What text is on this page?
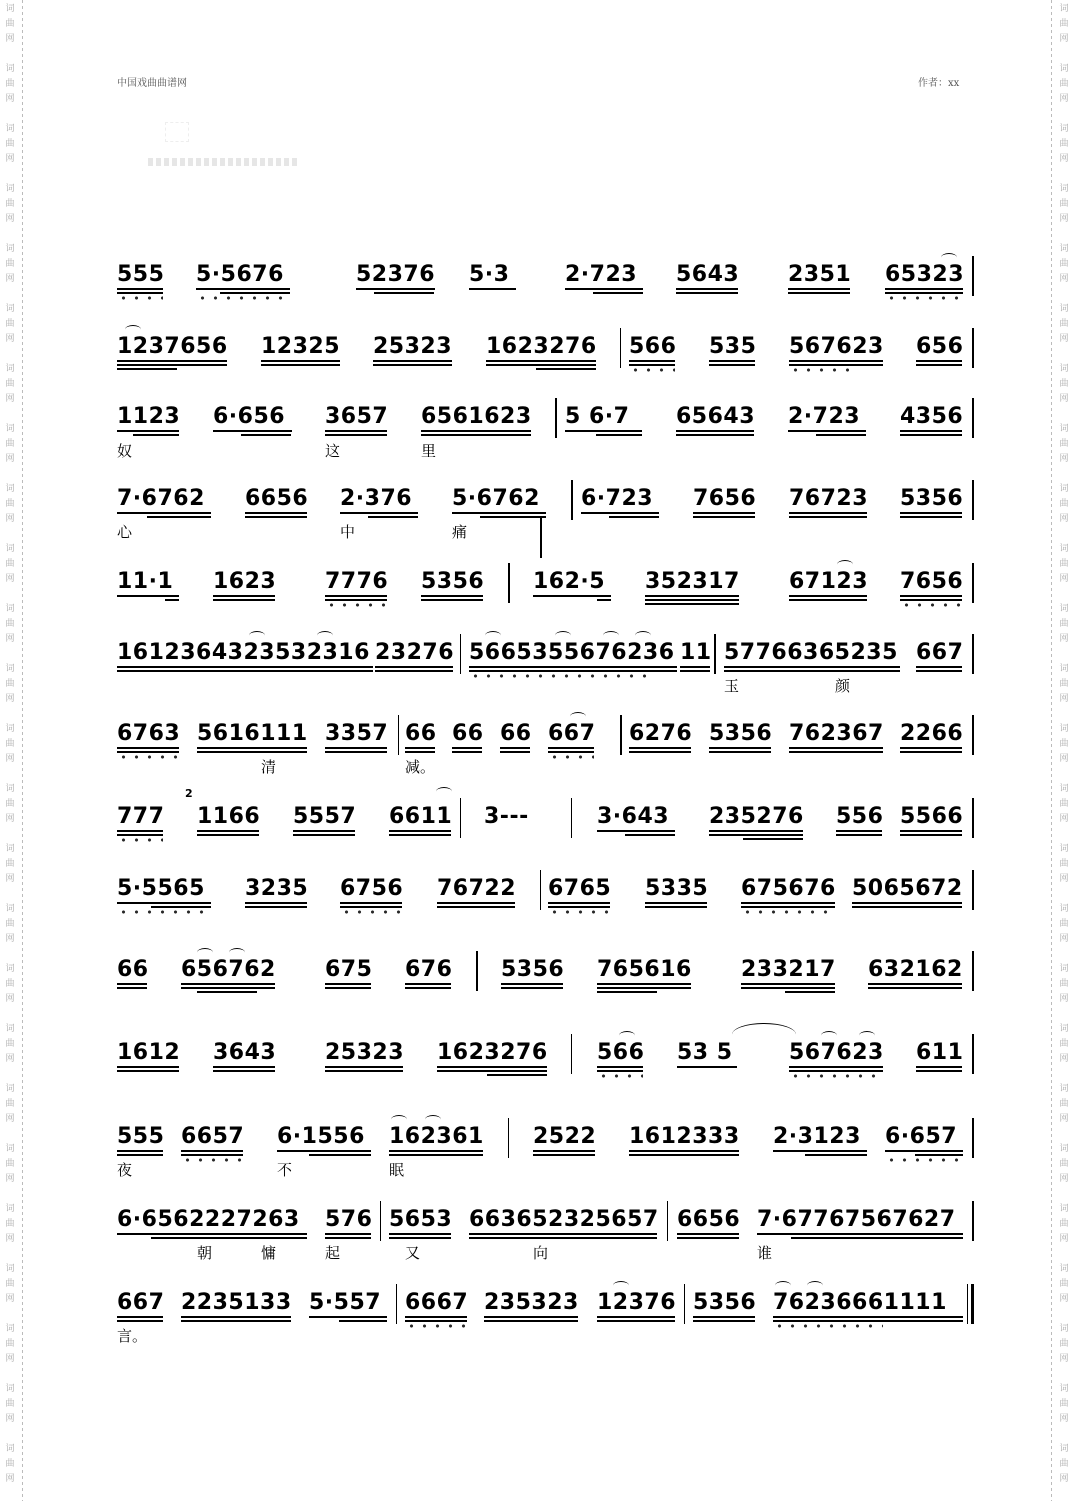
词
曲
网
词
曲
网
词
曲
网
词
曲
网
词
曲
网
词
曲
网
词
曲
网
词
曲
网
词
曲
网
词
曲
网
词
曲
网
词
曲
网
词
曲
网
词
曲
网
词
曲
网
词
曲
网
词
曲
网
词
曲
网
词
曲
网
词
曲
网
词
曲
网
词
曲
网
词
曲
网
词
曲
网
词
曲
网
词
曲
网
词
曲
网
词
曲
网
词
曲
网
词
曲
网
词
曲
网
词
曲
网
词
曲
网
词
曲
网
词
曲
网
词
曲
网
词
曲
网
词
曲
网
词
曲
网
词
曲
网
词
曲
网
词
曲
网
词
曲
网
词
曲
网
词
曲
网
词
曲
网
词
曲
网
词
曲
网
词
曲
网
词
曲
网
中国戏曲曲谱网	作者：xx
555 5·5676	52376 5·3	2·723 5643 2351 65323
1237656 12325 25323 1623276 566 535 567623 656
1123 6·656 3657 6561623 5 6·7 65643 2·723 4356
奴	这	里
7·6762 6656 2·376 5·6762 6·723 7656 76723 5356
心	中	痛
11·1 1623 7776 5356 162·5 352317 67123 7656
1612364323532316 23276 5665355676236 11 57766365235 667
玉	颜
6763 5616111 3357 66 66 66 667 6276 5356 762367 2266
清	减。
2
777 1166 5557 6611 3---	3·643 235276 556 5566
5·5565 3235 6756 76722 6765 5335 675676 5065672
66 656762 675 676 5356 765616 233217 632162
1612 3643 25323 1623276 566 53 5	567623 611
555 6657 6·1556 162361 2522 1612333 2·3123 6·657
夜	不	眠
6·6562227263 576 5653 663652325657 6656 7·67767567627
朝	慵	起	又	向	谁
667 2235133 5·557 6667 235323 12376 5356 76236661111
言。
